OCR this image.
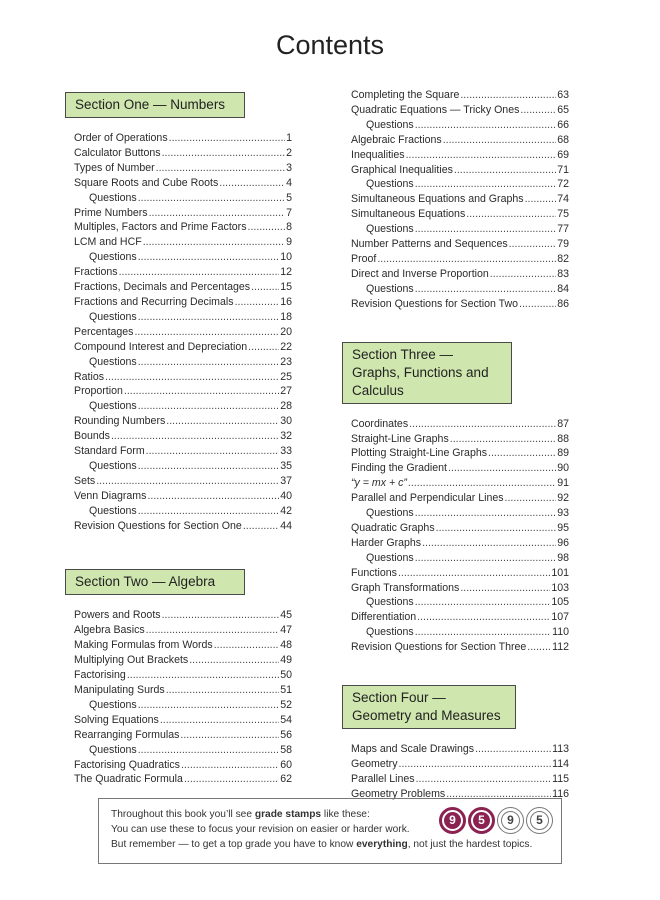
Contents
Section One — Numbers
Order of Operations .....	1
Calculator Buttons .....	2
Types of Number .....	3
Square Roots and Cube Roots .....	4
Questions .....	5
Prime Numbers .....	7
Multiples, Factors and Prime Factors .....	8
LCM and HCF .....	9
Questions .....	10
Fractions .....	12
Fractions, Decimals and Percentages .....	15
Fractions and Recurring Decimals .....	16
Questions .....	18
Percentages .....	20
Compound Interest and Depreciation .....	22
Questions .....	23
Ratios .....	25
Proportion .....	27
Questions .....	28
Rounding Numbers .....	30
Bounds .....	32
Standard Form .....	33
Questions .....	35
Sets .....	37
Venn Diagrams .....	40
Questions .....	42
Revision Questions for Section One .....	44
Section Two — Algebra
Powers and Roots .....	45
Algebra Basics .....	47
Making Formulas from Words .....	48
Multiplying Out Brackets .....	49
Factorising .....	50
Manipulating Surds .....	51
Questions .....	52
Solving Equations .....	54
Rearranging Formulas .....	56
Questions .....	58
Factorising Quadratics .....	60
The Quadratic Formula .....	62
Completing the Square .....	63
Quadratic Equations — Tricky Ones .....	65
Questions .....	66
Algebraic Fractions .....	68
Inequalities .....	69
Graphical Inequalities .....	71
Questions .....	72
Simultaneous Equations and Graphs .....	74
Simultaneous Equations .....	75
Questions .....	77
Number Patterns and Sequences .....	79
Proof .....	82
Direct and Inverse Proportion .....	83
Questions .....	84
Revision Questions for Section Two .....	86
Section Three — Graphs, Functions and Calculus
Coordinates .....	87
Straight-Line Graphs .....	88
Plotting Straight-Line Graphs .....	89
Finding the Gradient .....	90
“y = mx + c” .....	91
Parallel and Perpendicular Lines .....	92
Questions .....	93
Quadratic Graphs .....	95
Harder Graphs .....	96
Questions .....	98
Functions .....	101
Graph Transformations .....	103
Questions .....	105
Differentiation .....	107
Questions .....	110
Revision Questions for Section Three ..... 112
Section Four — Geometry and Measures
Maps and Scale Drawings .....	113
Geometry .....	114
Parallel Lines .....	115
Geometry Problems .....	116
Throughout this book you’ll see grade stamps like these:
You can use these to focus your revision on easier or harder work.
But remember — to get a top grade you have to know everything, not just the hardest topics.
9	5	9	5
